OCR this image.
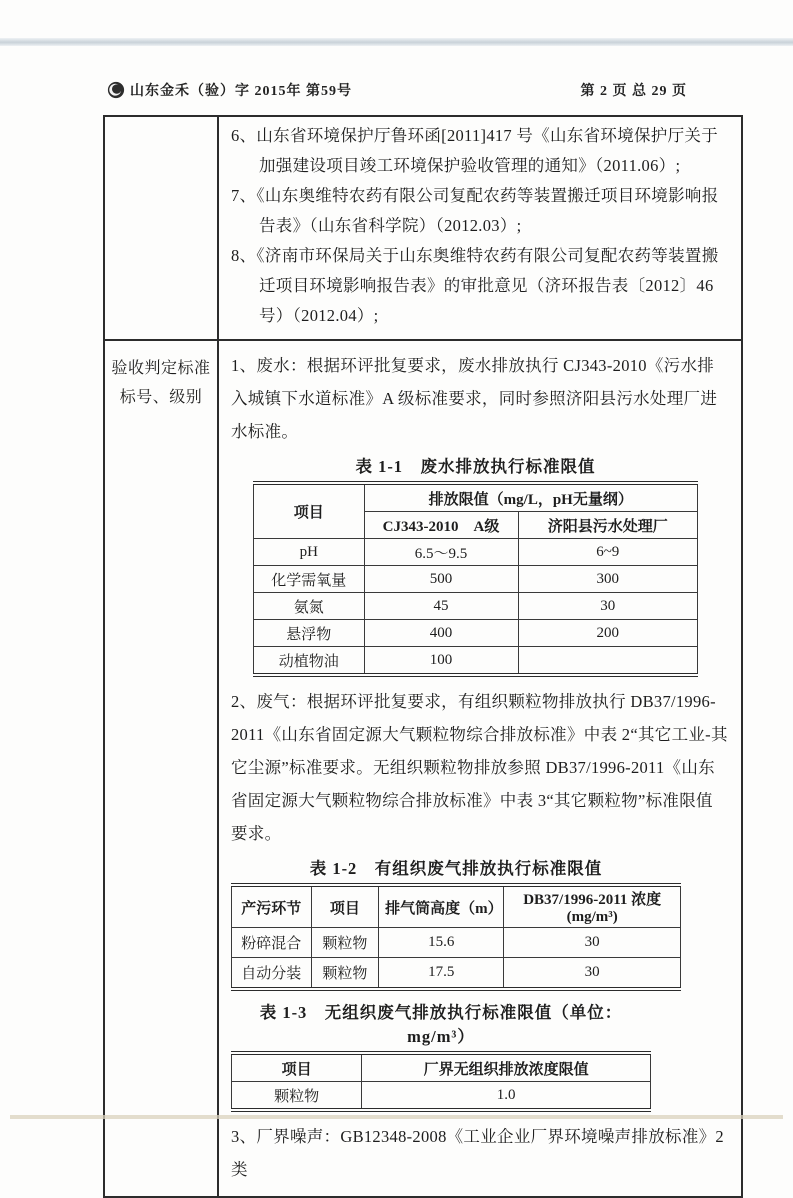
山东金禾（验）字 2015年 第59号	第 2 页 总 29 页

6、山东省环境保护厅鲁环函[2011]417 号《山东省环境保护厅关于加强建设项目竣工环境保护验收管理的通知》（2011.06）;

7、《山东奥维特农药有限公司复配农药等装置搬迁项目环境影响报告表》（山东省科学院）（2012.03）;

8、《济南市环保局关于山东奥维特农药有限公司复配农药等装置搬迁项目环境影响报告表》的审批意见（济环报告表〔2012〕46 号）（2012.04）;

验收判定标准
标号、级别

1、废水：根据环评批复要求，废水排放执行 CJ343-2010《污水排入城镇下水道标准》A 级标准要求，同时参照济阳县污水处理厂进水标准。

表 1-1　废水排放执行标准限值
项目	排放限值（mg/L，pH无量纲）	
	CJ343-2010　A级	济阳县污水处理厂
pH	6.5～9.5	6~9
化学需氧量	500	300
氨氮	45	30
悬浮物	400	200
动植物油	100	

2、废气：根据环评批复要求，有组织颗粒物排放执行 DB37/1996-2011《山东省固定源大气颗粒物综合排放标准》中表 2“其它工业-其它尘源”标准要求。无组织颗粒物排放参照 DB37/1996-2011《山东省固定源大气颗粒物综合排放标准》中表 3“其它颗粒物”标准限值要求。

表 1-2　有组织废气排放执行标准限值
产污环节	项目	排气筒高度（m）	DB37/1996-2011 浓度(mg/m³)
粉碎混合	颗粒物	15.6	30
自动分装	颗粒物	17.5	30
表 1-3　无组织废气排放执行标准限值（单位：mg/m³）
项目	厂界无组织排放浓度限值
颗粒物	1.0

3、厂界噪声：GB12348-2008《工业企业厂界环境噪声排放标准》2 类
